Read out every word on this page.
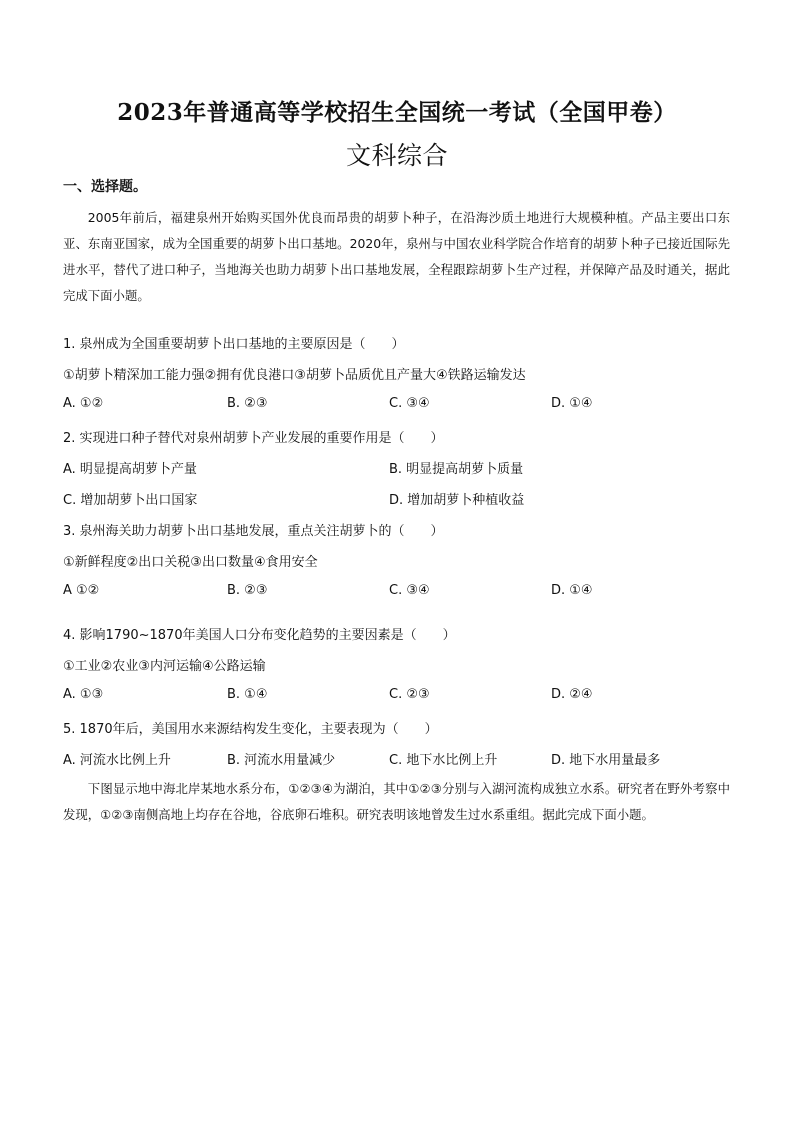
2023年普通高等学校招生全国统一考试（全国甲卷）
文科综合

一、选择题。

2005年前后，福建泉州开始购买国外优良而昂贵的胡萝卜种子，在沿海沙质土地进行大规模种植。产品主要出口东亚、东南亚国家，成为全国重要的胡萝卜出口基地。2020年，泉州与中国农业科学院合作培育的胡萝卜种子已接近国际先进水平，替代了进口种子，当地海关也助力胡萝卜出口基地发展，全程跟踪胡萝卜生产过程，并保障产品及时通关，据此完成下面小题。

1. 泉州成为全国重要胡萝卜出口基地的主要原因是（　　）

①胡萝卜精深加工能力强②拥有优良港口③胡萝卜品质优且产量大④铁路运输发达

A. ①②	B. ②③	C. ③④	D. ①④

2. 实现进口种子替代对泉州胡萝卜产业发展的重要作用是（　　）

A. 明显提高胡萝卜产量	B. 明显提高胡萝卜质量

C. 增加胡萝卜出口国家	D. 增加胡萝卜种植收益

3. 泉州海关助力胡萝卜出口基地发展，重点关注胡萝卜的（　　）

①新鲜程度②出口关税③出口数量④食用安全

A ①②	B. ②③	C. ③④	D. ①④

4. 影响1790~1870年美国人口分布变化趋势的主要因素是（　　）

①工业②农业③内河运输④公路运输

A. ①③	B. ①④	C. ②③	D. ②④

5. 1870年后，美国用水来源结构发生变化，主要表现为（　　）

A. 河流水比例上升	B. 河流水用量减少	C. 地下水比例上升	D. 地下水用量最多

下图显示地中海北岸某地水系分布，①②③④为湖泊，其中①②③分别与入湖河流构成独立水系。研究者在野外考察中发现，①②③南侧高地上均存在谷地，谷底卵石堆积。研究表明该地曾发生过水系重组。据此完成下面小题。
